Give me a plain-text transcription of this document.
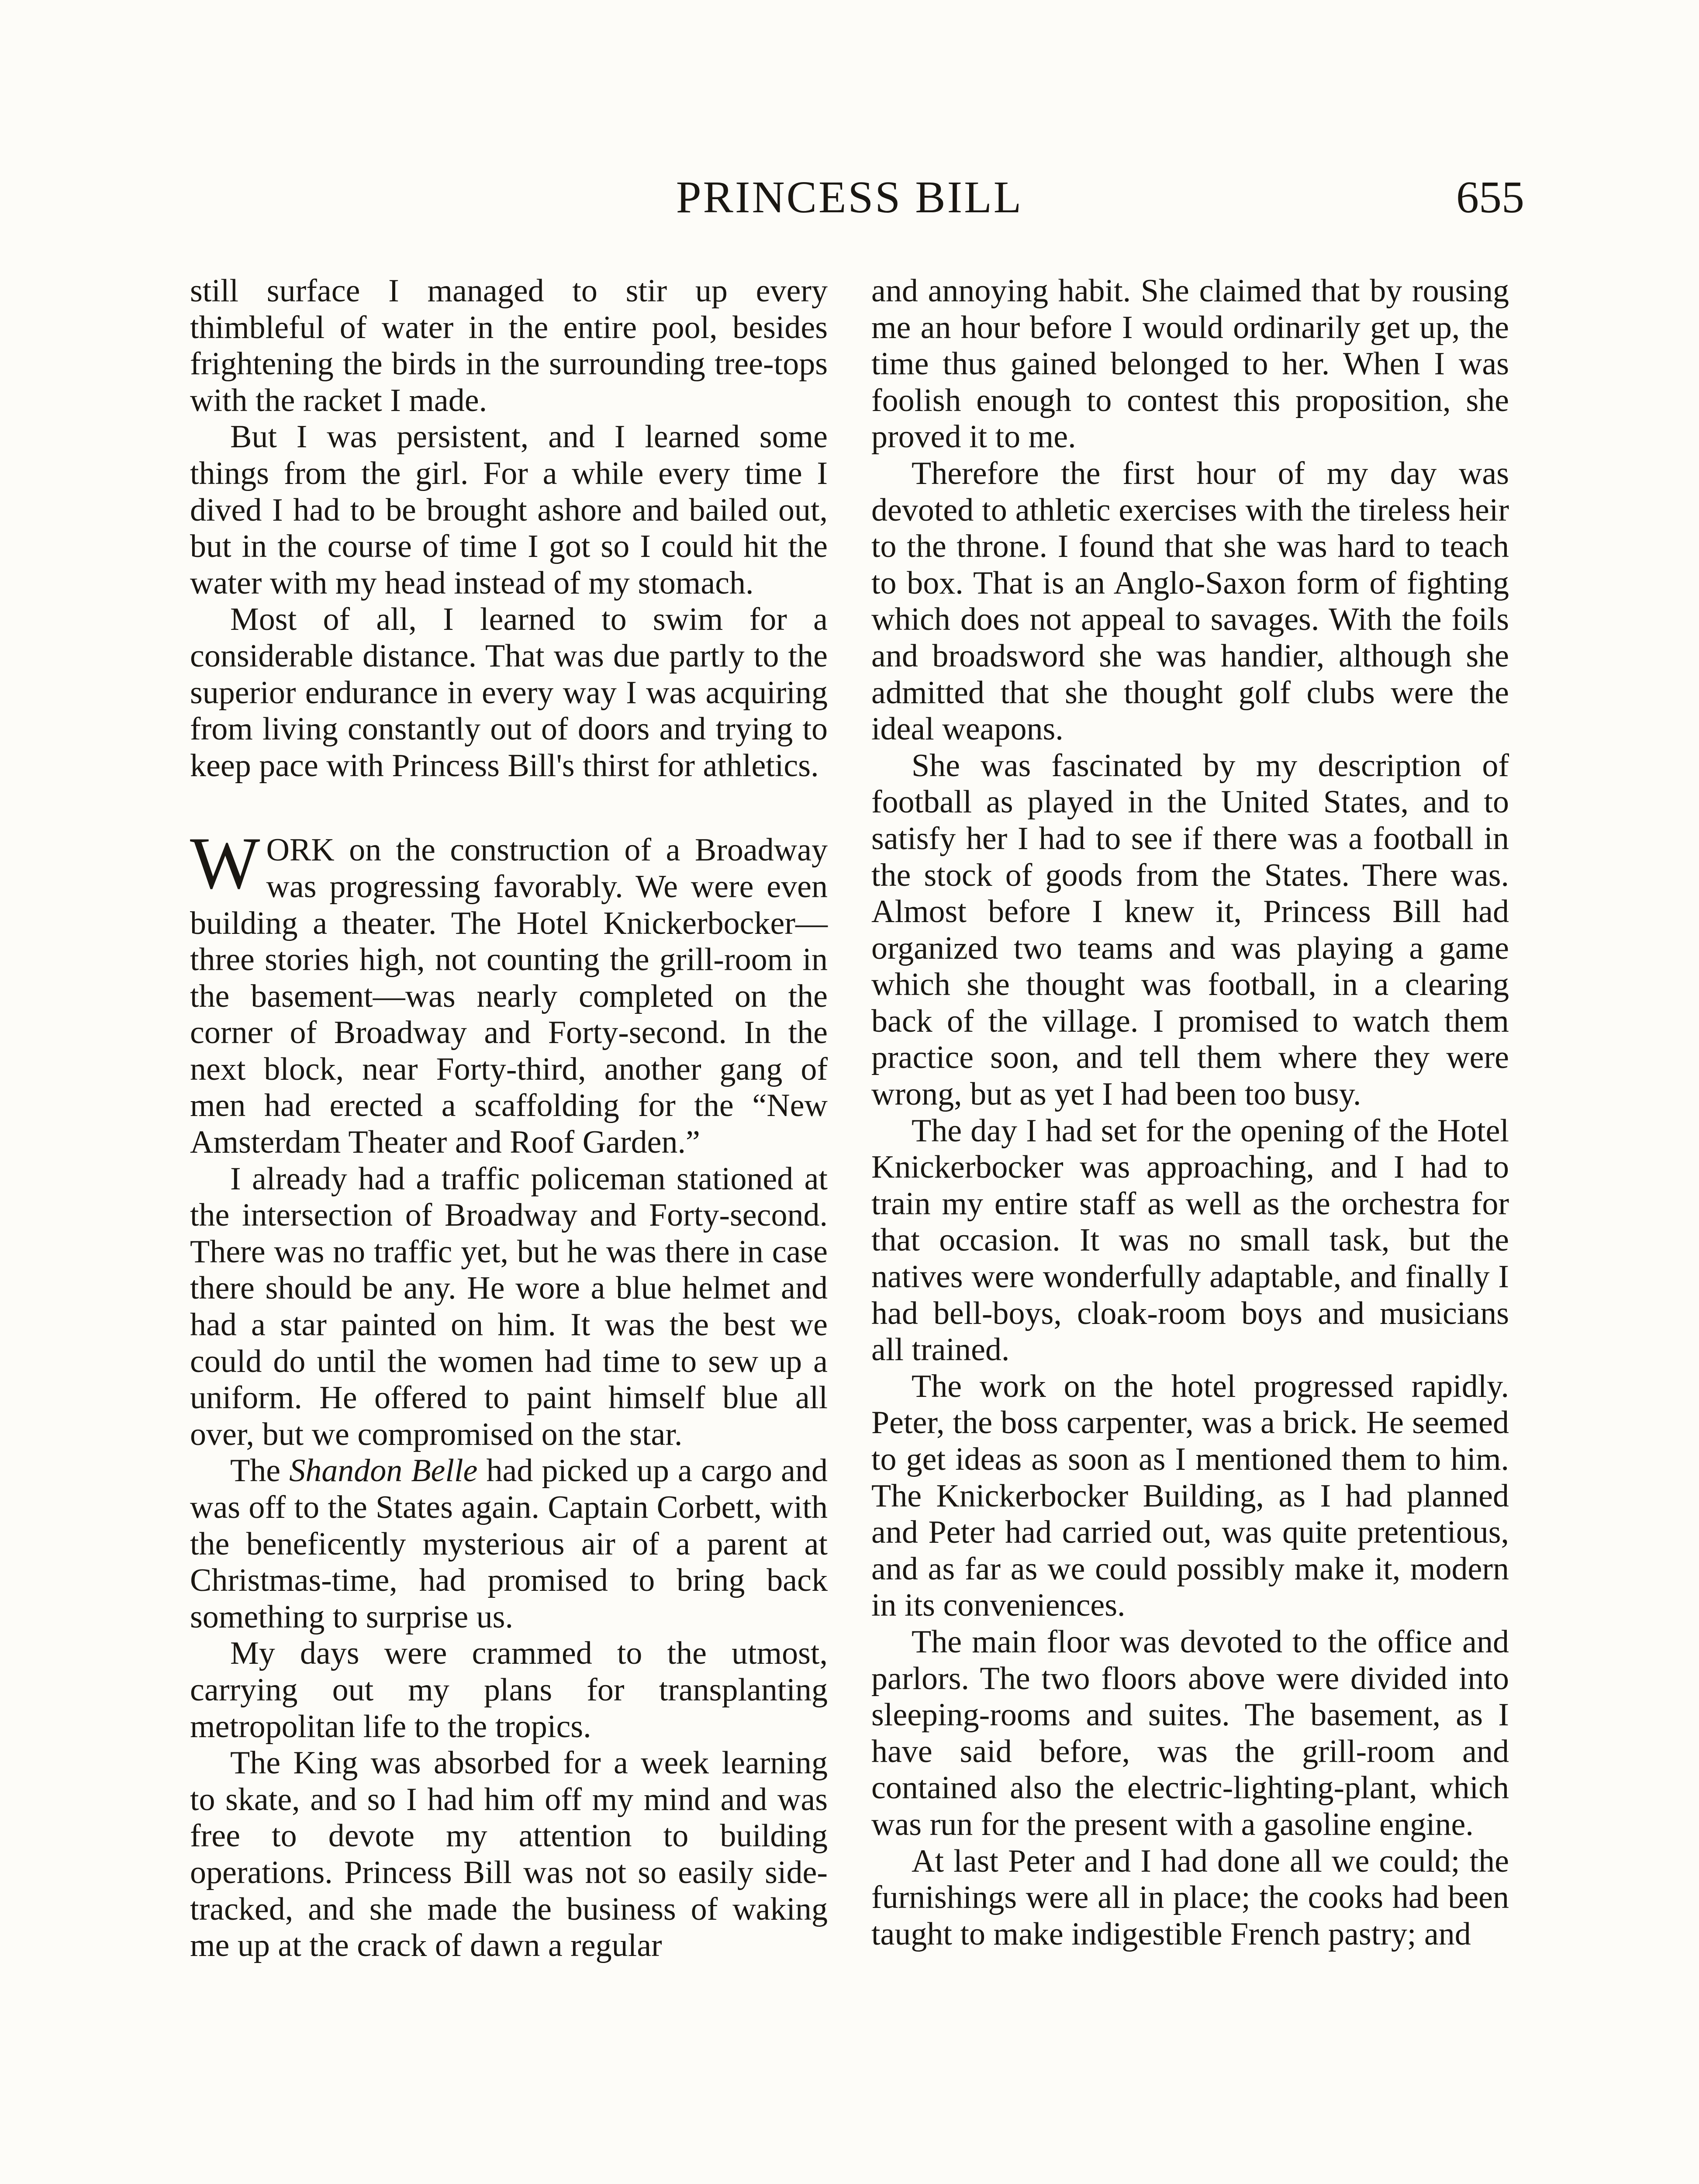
PRINCESS BILL	655

still surface I managed to stir up every thimbleful of water in the entire pool, besides frightening the birds in the surrounding tree-tops with the racket I made.

But I was persistent, and I learned some things from the girl. For a while every time I dived I had to be brought ashore and bailed out, but in the course of time I got so I could hit the water with my head instead of my stomach.

Most of all, I learned to swim for a considerable distance. That was due partly to the superior endurance in every way I was acquiring from living constantly out of doors and trying to keep pace with Princess Bill's thirst for athletics.

WORK on the construction of a Broadway was progressing favorably. We were even building a theater. The Hotel Knickerbocker—three stories high, not counting the grill-room in the basement—was nearly completed on the corner of Broadway and Forty-second. In the next block, near Forty-third, another gang of men had erected a scaffolding for the “New Amsterdam Theater and Roof Garden.”

I already had a traffic policeman stationed at the intersection of Broadway and Forty-second. There was no traffic yet, but he was there in case there should be any. He wore a blue helmet and had a star painted on him. It was the best we could do until the women had time to sew up a uniform. He offered to paint himself blue all over, but we compromised on the star.

The Shandon Belle had picked up a cargo and was off to the States again. Captain Corbett, with the beneficently mysterious air of a parent at Christmas-time, had promised to bring back something to surprise us.

My days were crammed to the utmost, carrying out my plans for transplanting metropolitan life to the tropics.

The King was absorbed for a week learning to skate, and so I had him off my mind and was free to devote my attention to building operations. Princess Bill was not so easily side-tracked, and she made the business of waking me up at the crack of dawn a regular

and annoying habit. She claimed that by rousing me an hour before I would ordinarily get up, the time thus gained belonged to her. When I was foolish enough to contest this proposition, she proved it to me.

Therefore the first hour of my day was devoted to athletic exercises with the tireless heir to the throne. I found that she was hard to teach to box. That is an Anglo-Saxon form of fighting which does not appeal to savages. With the foils and broadsword she was handier, although she admitted that she thought golf clubs were the ideal weapons.

She was fascinated by my description of football as played in the United States, and to satisfy her I had to see if there was a football in the stock of goods from the States. There was. Almost before I knew it, Princess Bill had organized two teams and was playing a game which she thought was football, in a clearing back of the village. I promised to watch them practice soon, and tell them where they were wrong, but as yet I had been too busy.

The day I had set for the opening of the Hotel Knickerbocker was approaching, and I had to train my entire staff as well as the orchestra for that occasion. It was no small task, but the natives were wonderfully adaptable, and finally I had bell-boys, cloak-room boys and musicians all trained.

The work on the hotel progressed rapidly. Peter, the boss carpenter, was a brick. He seemed to get ideas as soon as I mentioned them to him. The Knickerbocker Building, as I had planned and Peter had carried out, was quite pretentious, and as far as we could possibly make it, modern in its conveniences.

The main floor was devoted to the office and parlors. The two floors above were divided into sleeping-rooms and suites. The basement, as I have said before, was the grill-room and contained also the electric-lighting-plant, which was run for the present with a gasoline engine.

At last Peter and I had done all we could; the furnishings were all in place; the cooks had been taught to make indigestible French pastry; and
